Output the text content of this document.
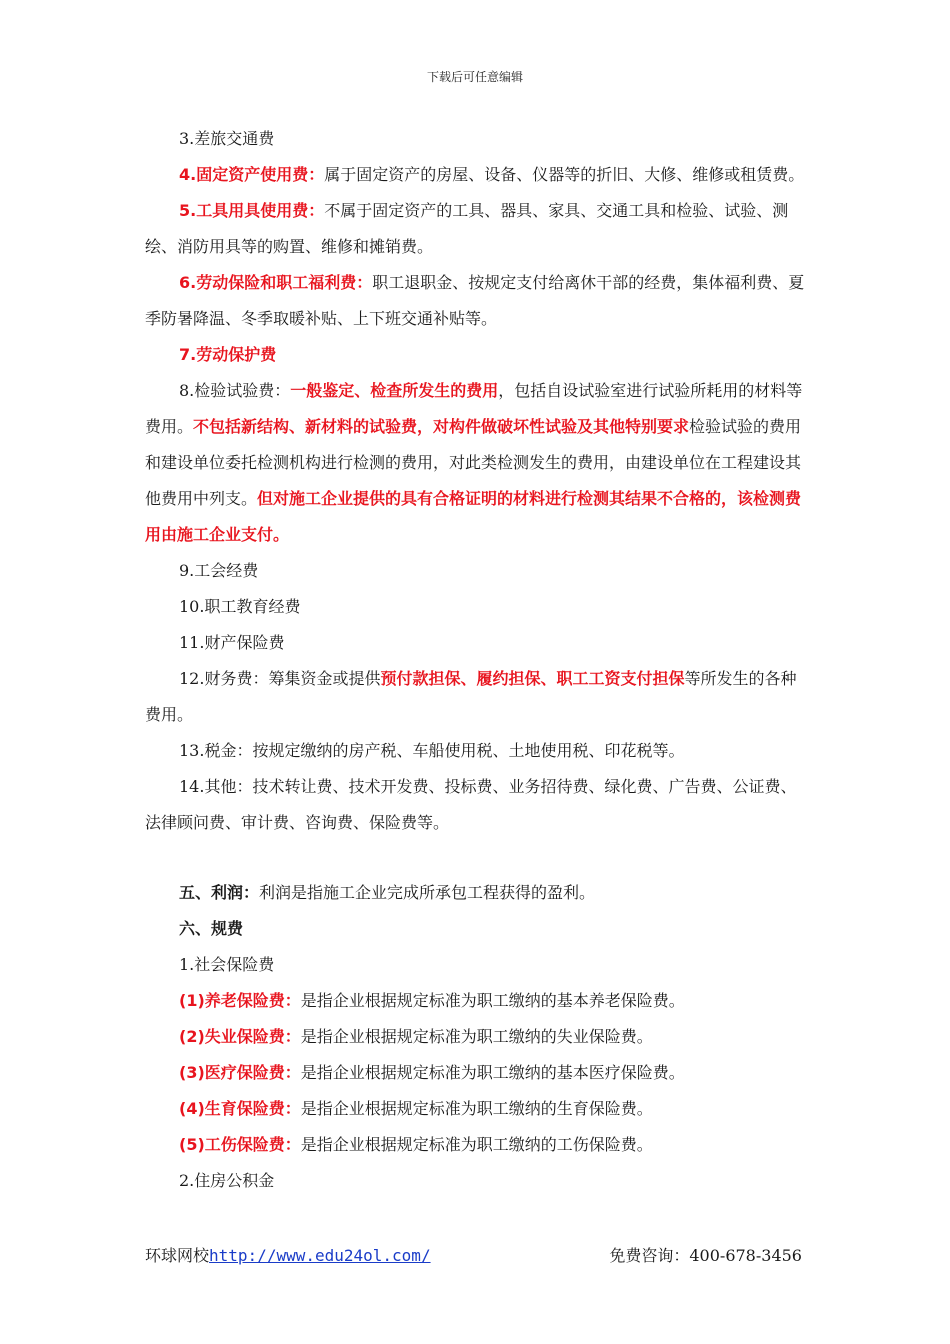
下载后可任意编辑

3.差旅交通费

4.固定资产使用费：属于固定资产的房屋、设备、仪器等的折旧、大修、维修或租赁费。

5.工具用具使用费：不属于固定资产的工具、器具、家具、交通工具和检验、试验、测绘、消防用具等的购置、维修和摊销费。

6.劳动保险和职工福利费：职工退职金、按规定支付给离休干部的经费，集体福利费、夏季防暑降温、冬季取暖补贴、上下班交通补贴等。

7.劳动保护费

8.检验试验费：一般鉴定、检查所发生的费用，包括自设试验室进行试验所耗用的材料等费用。不包括新结构、新材料的试验费，对构件做破坏性试验及其他特别要求检验试验的费用和建设单位委托检测机构进行检测的费用，对此类检测发生的费用，由建设单位在工程建设其他费用中列支。但对施工企业提供的具有合格证明的材料进行检测其结果不合格的，该检测费用由施工企业支付。

9.工会经费

10.职工教育经费

11.财产保险费

12.财务费：筹集资金或提供预付款担保、履约担保、职工工资支付担保等所发生的各种费用。

13.税金：按规定缴纳的房产税、车船使用税、土地使用税、印花税等。

14.其他：技术转让费、技术开发费、投标费、业务招待费、绿化费、广告费、公证费、法律顾问费、审计费、咨询费、保险费等。

五、利润：利润是指施工企业完成所承包工程获得的盈利。

六、规费

1.社会保险费

(1)养老保险费：是指企业根据规定标准为职工缴纳的基本养老保险费。

(2)失业保险费：是指企业根据规定标准为职工缴纳的失业保险费。

(3)医疗保险费：是指企业根据规定标准为职工缴纳的基本医疗保险费。

(4)生育保险费：是指企业根据规定标准为职工缴纳的生育保险费。

(5)工伤保险费：是指企业根据规定标准为职工缴纳的工伤保险费。

2.住房公积金

环球网校http://www.edu24ol.com/	免费咨询：400-678-3456
